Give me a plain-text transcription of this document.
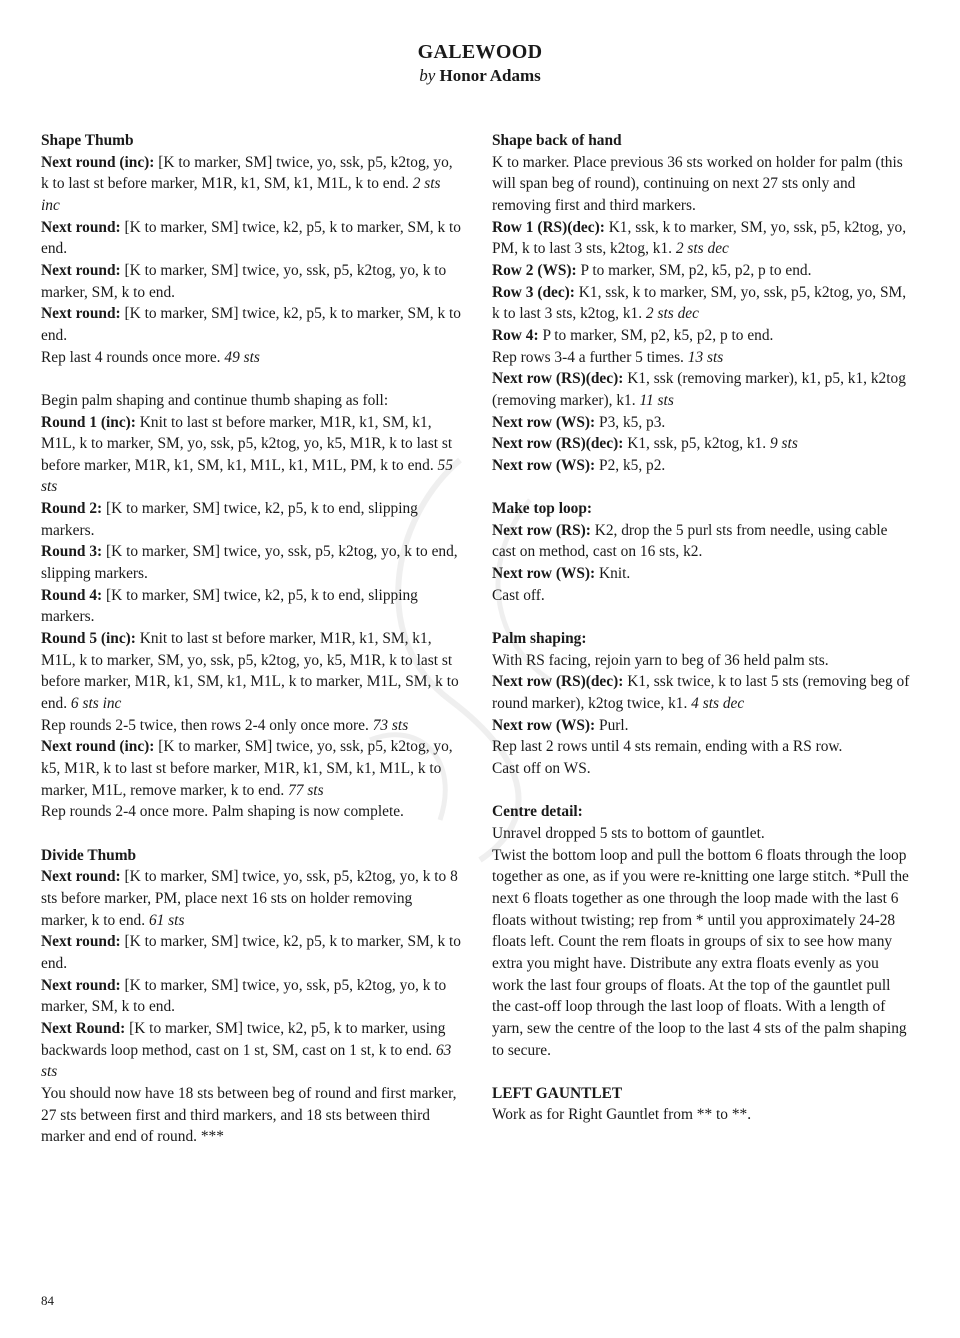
GALEWOOD
by Honor Adams

Shape Thumb

Next round (inc): [K to marker, SM] twice, yo, ssk, p5, k2tog, yo, k to last st before marker, M1R, k1, SM, k1, M1L, k to end. 2 sts inc

Next round: [K to marker, SM] twice, k2, p5, k to marker, SM, k to end.

Next round: [K to marker, SM] twice, yo, ssk, p5, k2tog, yo, k to marker, SM, k to end.

Next round: [K to marker, SM] twice, k2, p5, k to marker, SM, k to end.

Rep last 4 rounds once more. 49 sts

Begin palm shaping and continue thumb shaping as foll:

Round 1 (inc): Knit to last st before marker, M1R, k1, SM, k1, M1L, k to marker, SM, yo, ssk, p5, k2tog, yo, k5, M1R, k to last st before marker, M1R, k1, SM, k1, M1L, k1, M1L, PM, k to end. 55 sts

Round 2: [K to marker, SM] twice, k2, p5, k to end, slipping markers.

Round 3: [K to marker, SM] twice, yo, ssk, p5, k2tog, yo, k to end, slipping markers.

Round 4: [K to marker, SM] twice, k2, p5, k to end, slipping markers.

Round 5 (inc): Knit to last st before marker, M1R, k1, SM, k1, M1L, k to marker, SM, yo, ssk, p5, k2tog, yo, k5, M1R, k to last st before marker, M1R, k1, SM, k1, M1L, k to marker, M1L, SM, k to end. 6 sts inc

Rep rounds 2-5 twice, then rows 2-4 only once more. 73 sts

Next round (inc): [K to marker, SM] twice, yo, ssk, p5, k2tog, yo, k5, M1R, k to last st before marker, M1R, k1, SM, k1, M1L, k to marker, M1L, remove marker, k to end. 77 sts

Rep rounds 2-4 once more. Palm shaping is now complete.

Divide Thumb

Next round: [K to marker, SM] twice, yo, ssk, p5, k2tog, yo, k to 8 sts before marker, PM, place next 16 sts on holder removing marker, k to end. 61 sts

Next round: [K to marker, SM] twice, k2, p5, k to marker, SM, k to end.

Next round: [K to marker, SM] twice, yo, ssk, p5, k2tog, yo, k to marker, SM, k to end.

Next Round: [K to marker, SM] twice, k2, p5, k to marker, using backwards loop method, cast on 1 st, SM, cast on 1 st, k to end. 63 sts

You should now have 18 sts between beg of round and first marker, 27 sts between first and third markers, and 18 sts between third marker and end of round. ***

Shape back of hand

K to marker. Place previous 36 sts worked on holder for palm (this will span beg of round), continuing on next 27 sts only and removing first and third markers.

Row 1 (RS)(dec): K1, ssk, k to marker, SM, yo, ssk, p5, k2tog, yo, PM, k to last 3 sts, k2tog, k1. 2 sts dec

Row 2 (WS): P to marker, SM, p2, k5, p2, p to end.

Row 3 (dec): K1, ssk, k to marker, SM, yo, ssk, p5, k2tog, yo, SM, k to last 3 sts, k2tog, k1. 2 sts dec

Row 4: P to marker, SM, p2, k5, p2, p to end.

Rep rows 3-4 a further 5 times. 13 sts

Next row (RS)(dec): K1, ssk (removing marker), k1, p5, k1, k2tog (removing marker), k1. 11 sts

Next row (WS): P3, k5, p3.

Next row (RS)(dec): K1, ssk, p5, k2tog, k1. 9 sts

Next row (WS): P2, k5, p2.

Make top loop:

Next row (RS): K2, drop the 5 purl sts from needle, using cable cast on method, cast on 16 sts, k2.

Next row (WS): Knit.

Cast off.

Palm shaping:

With RS facing, rejoin yarn to beg of 36 held palm sts.

Next row (RS)(dec): K1, ssk twice, k to last 5 sts (removing beg of round marker), k2tog twice, k1. 4 sts dec

Next row (WS): Purl.

Rep last 2 rows until 4 sts remain, ending with a RS row.

Cast off on WS.

Centre detail:

Unravel dropped 5 sts to bottom of gauntlet.

Twist the bottom loop and pull the bottom 6 floats through the loop together as one, as if you were re-knitting one large stitch. *Pull the next 6 floats together as one through the loop made with the last 6 floats without twisting; rep from * until you approximately 24-28 floats left. Count the rem floats in groups of six to see how many extra you might have. Distribute any extra floats evenly as you work the last four groups of floats. At the top of the gauntlet pull the cast-off loop through the last loop of floats. With a length of yarn, sew the centre of the loop to the last 4 sts of the palm shaping to secure.

LEFT GAUNTLET

Work as for Right Gauntlet from ** to **.

84
